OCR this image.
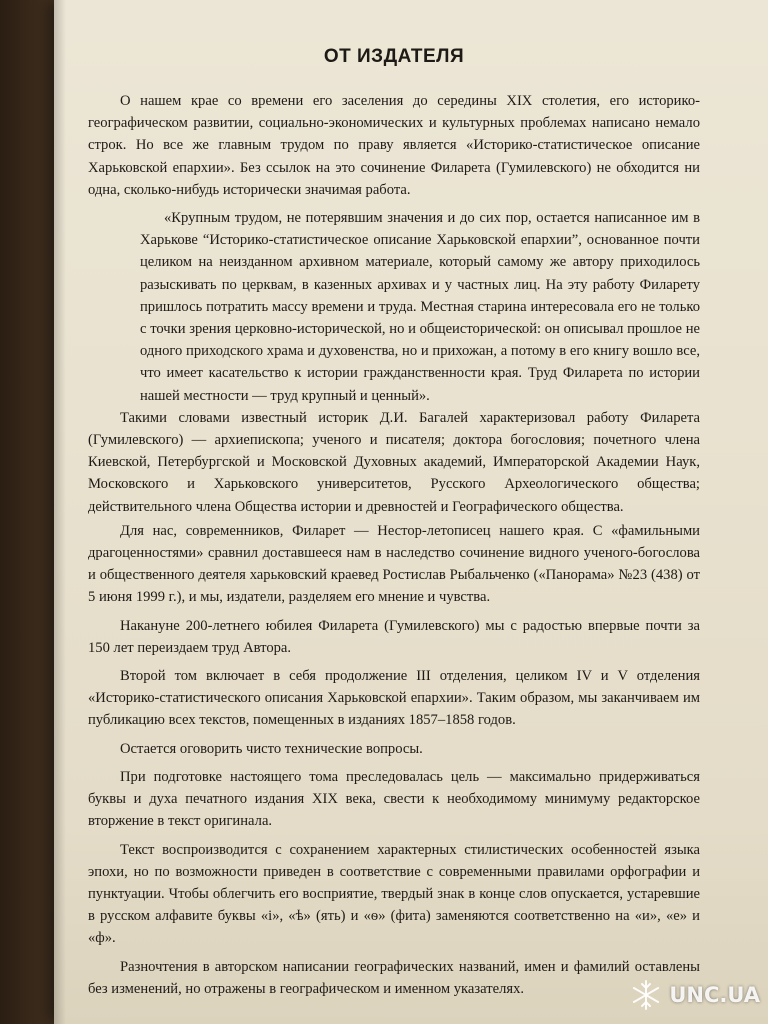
ОТ ИЗДАТЕЛЯ

О нашем крае со времени его заселения до середины XIX столетия, его историко-географическом развитии, социально-экономических и культурных проблемах написано немало строк. Но все же главным трудом по праву является «Историко-статистическое описание Харьковской епархии». Без ссылок на это сочинение Филарета (Гумилевского) не обходится ни одна, сколько-нибудь исторически значимая работа.

«Крупным трудом, не потерявшим значения и до сих пор, остается написанное им в Харькове “Историко-статистическое описание Харьковской епархии”, основанное почти целиком на неизданном архивном материале, который самому же автору приходилось разыскивать по церквам, в казенных архивах и у частных лиц. На эту работу Филарету пришлось потратить массу времени и труда. Местная старина интересовала его не только с точки зрения церковно-исторической, но и общеисторической: он описывал прошлое не одного приходского храма и духовенства, но и прихожан, а потому в его книгу вошло все, что имеет касательство к истории гражданственности края. Труд Филарета по истории нашей местности — труд крупный и ценный».

Такими словами известный историк Д.И. Багалей характеризовал работу Филарета (Гумилевского) — архиепископа; ученого и писателя; доктора богословия; почетного члена Киевской, Петербургской и Московской Духовных академий, Императорской Академии Наук, Московского и Харьковского университетов, Русского Археологического общества; действительного члена Общества истории и древностей и Географического общества.

Для нас, современников, Филарет — Нестор-летописец нашего края. С «фамильными драгоценностями» сравнил доставшееся нам в наследство сочинение видного ученого-богослова и общественного деятеля харьковский краевед Ростислав Рыбальченко («Панорама» №23 (438) от 5 июня 1999 г.), и мы, издатели, разделяем его мнение и чувства.

Накануне 200-летнего юбилея Филарета (Гумилевского) мы с радостью впервые почти за 150 лет переиздаем труд Автора.

Второй том включает в себя продолжение III отделения, целиком IV и V отделения «Историко-статистического описания Харьковской епархии». Таким образом, мы заканчиваем им публикацию всех текстов, помещенных в изданиях 1857–1858 годов.

Остается оговорить чисто технические вопросы.

При подготовке настоящего тома преследовалась цель — максимально придерживаться буквы и духа печатного издания XIX века, свести к необходимому минимуму редакторское вторжение в текст оригинала.

Текст воспроизводится с сохранением характерных стилистических особенностей языка эпохи, но по возможности приведен в соответствие с современными правилами орфографии и пунктуации. Чтобы облегчить его восприятие, твердый знак в конце слов опускается, устаревшие в русском алфавите буквы «і», «ѣ» (ять) и «ѳ» (фита) заменяются соответственно на «и», «е» и «ф».

Разночтения в авторском написании географических названий, имен и фамилий оставлены без изменений, но отражены в географическом и именном указателях.	UNC.UA
